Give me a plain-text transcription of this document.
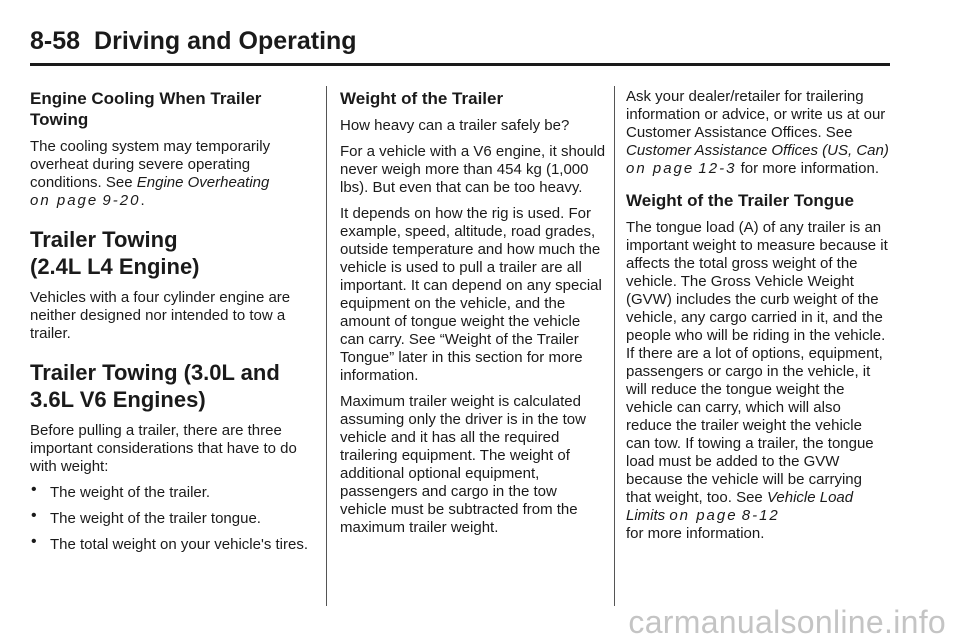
8-58 Driving and Operating
Engine Cooling When Trailer Towing

The cooling system may temporarily overheat during severe operating conditions. See Engine Overheating
on page 9-20.

Trailer Towing
(2.4L L4 Engine)

Vehicles with a four cylinder engine are neither designed nor intended to tow a trailer.

Trailer Towing (3.0L and
3.6L V6 Engines)

Before pulling a trailer, there are three important considerations that have to do with weight:

• The weight of the trailer.
• The weight of the trailer tongue.
• The total weight on your vehicle's tires.
Weight of the Trailer

How heavy can a trailer safely be?

For a vehicle with a V6 engine, it should never weigh more than 454 kg (1,000 lbs). But even that can be too heavy.

It depends on how the rig is used. For example, speed, altitude, road grades, outside temperature and how much the vehicle is used to pull a trailer are all important. It can depend on any special equipment on the vehicle, and the amount of tongue weight the vehicle can carry. See “Weight of the Trailer Tongue” later in this section for more information.

Maximum trailer weight is calculated assuming only the driver is in the tow vehicle and it has all the required trailering equipment. The weight of additional optional equipment, passengers and cargo in the tow vehicle must be subtracted from the maximum trailer weight.

Ask your dealer/retailer for trailering information or advice, or write us at our Customer Assistance Offices. See Customer Assistance Offices (US, Can) on page 12-3 for more information.

Weight of the Trailer Tongue

The tongue load (A) of any trailer is an important weight to measure because it affects the total gross weight of the vehicle. The Gross Vehicle Weight (GVW) includes the curb weight of the vehicle, any cargo carried in it, and the people who will be riding in the vehicle.

If there are a lot of options, equipment, passengers or cargo in the vehicle, it will reduce the tongue weight the vehicle can carry, which will also reduce the trailer weight the vehicle can tow. If towing a trailer, the tongue load must be added to the GVW because the vehicle will be carrying that weight, too. See Vehicle Load Limits on page 8-12
for more information.

carmanualsonline.info
